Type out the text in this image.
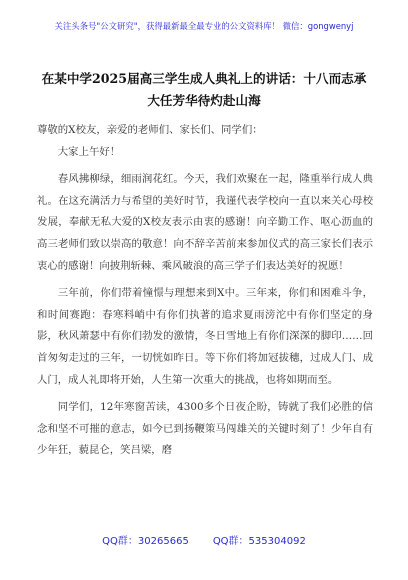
关注头条号"公文研究"，获得最新最全最专业的公文资料库！ 微信：gongwenyj
在某中学2025届高三学生成人典礼上的讲话：十八而志承
大任芳华待灼赴山海

尊敬的X校友，亲爱的老师们、家长们、同学们：

大家上午好！

春风拂柳绿，细雨润花红。今天，我们欢聚在一起，隆重举行成人典礼。在这充满活力与希望的美好时节，我谨代表学校向一直以来关心母校发展，奉献无私大爱的X校友表示由衷的感谢！向辛勤工作、呕心沥血的高三老师们致以崇高的敬意！向不辞辛苦前来参加仪式的高三家长们表示衷心的感谢！向披荆斩棘、乘风破浪的高三学子们表达美好的祝愿！

三年前，你们带着憧憬与理想来到X中。三年来，你们和困难斗争，和时间赛跑：春寒料峭中有你们执著的追求夏雨滂沱中有你们坚定的身影，秋风萧瑟中有你们勃发的激情，冬日雪地上有你们深深的脚印……回首匆匆走过的三年，一切恍如昨日。等下你们将加冠拔穗，过成人门、成人门，成人礼即将开始，人生第一次重大的挑战，也将如期而至。

同学们，12年寒窗苦读，4300多个日夜企盼，铸就了我们必胜的信念和坚不可摧的意志，如今已到扬鞭策马闯雄关的关键时刻了！少年自有少年狂，藐昆仑，笑吕梁，磨

QQ群：30265665 QQ群：535304092
